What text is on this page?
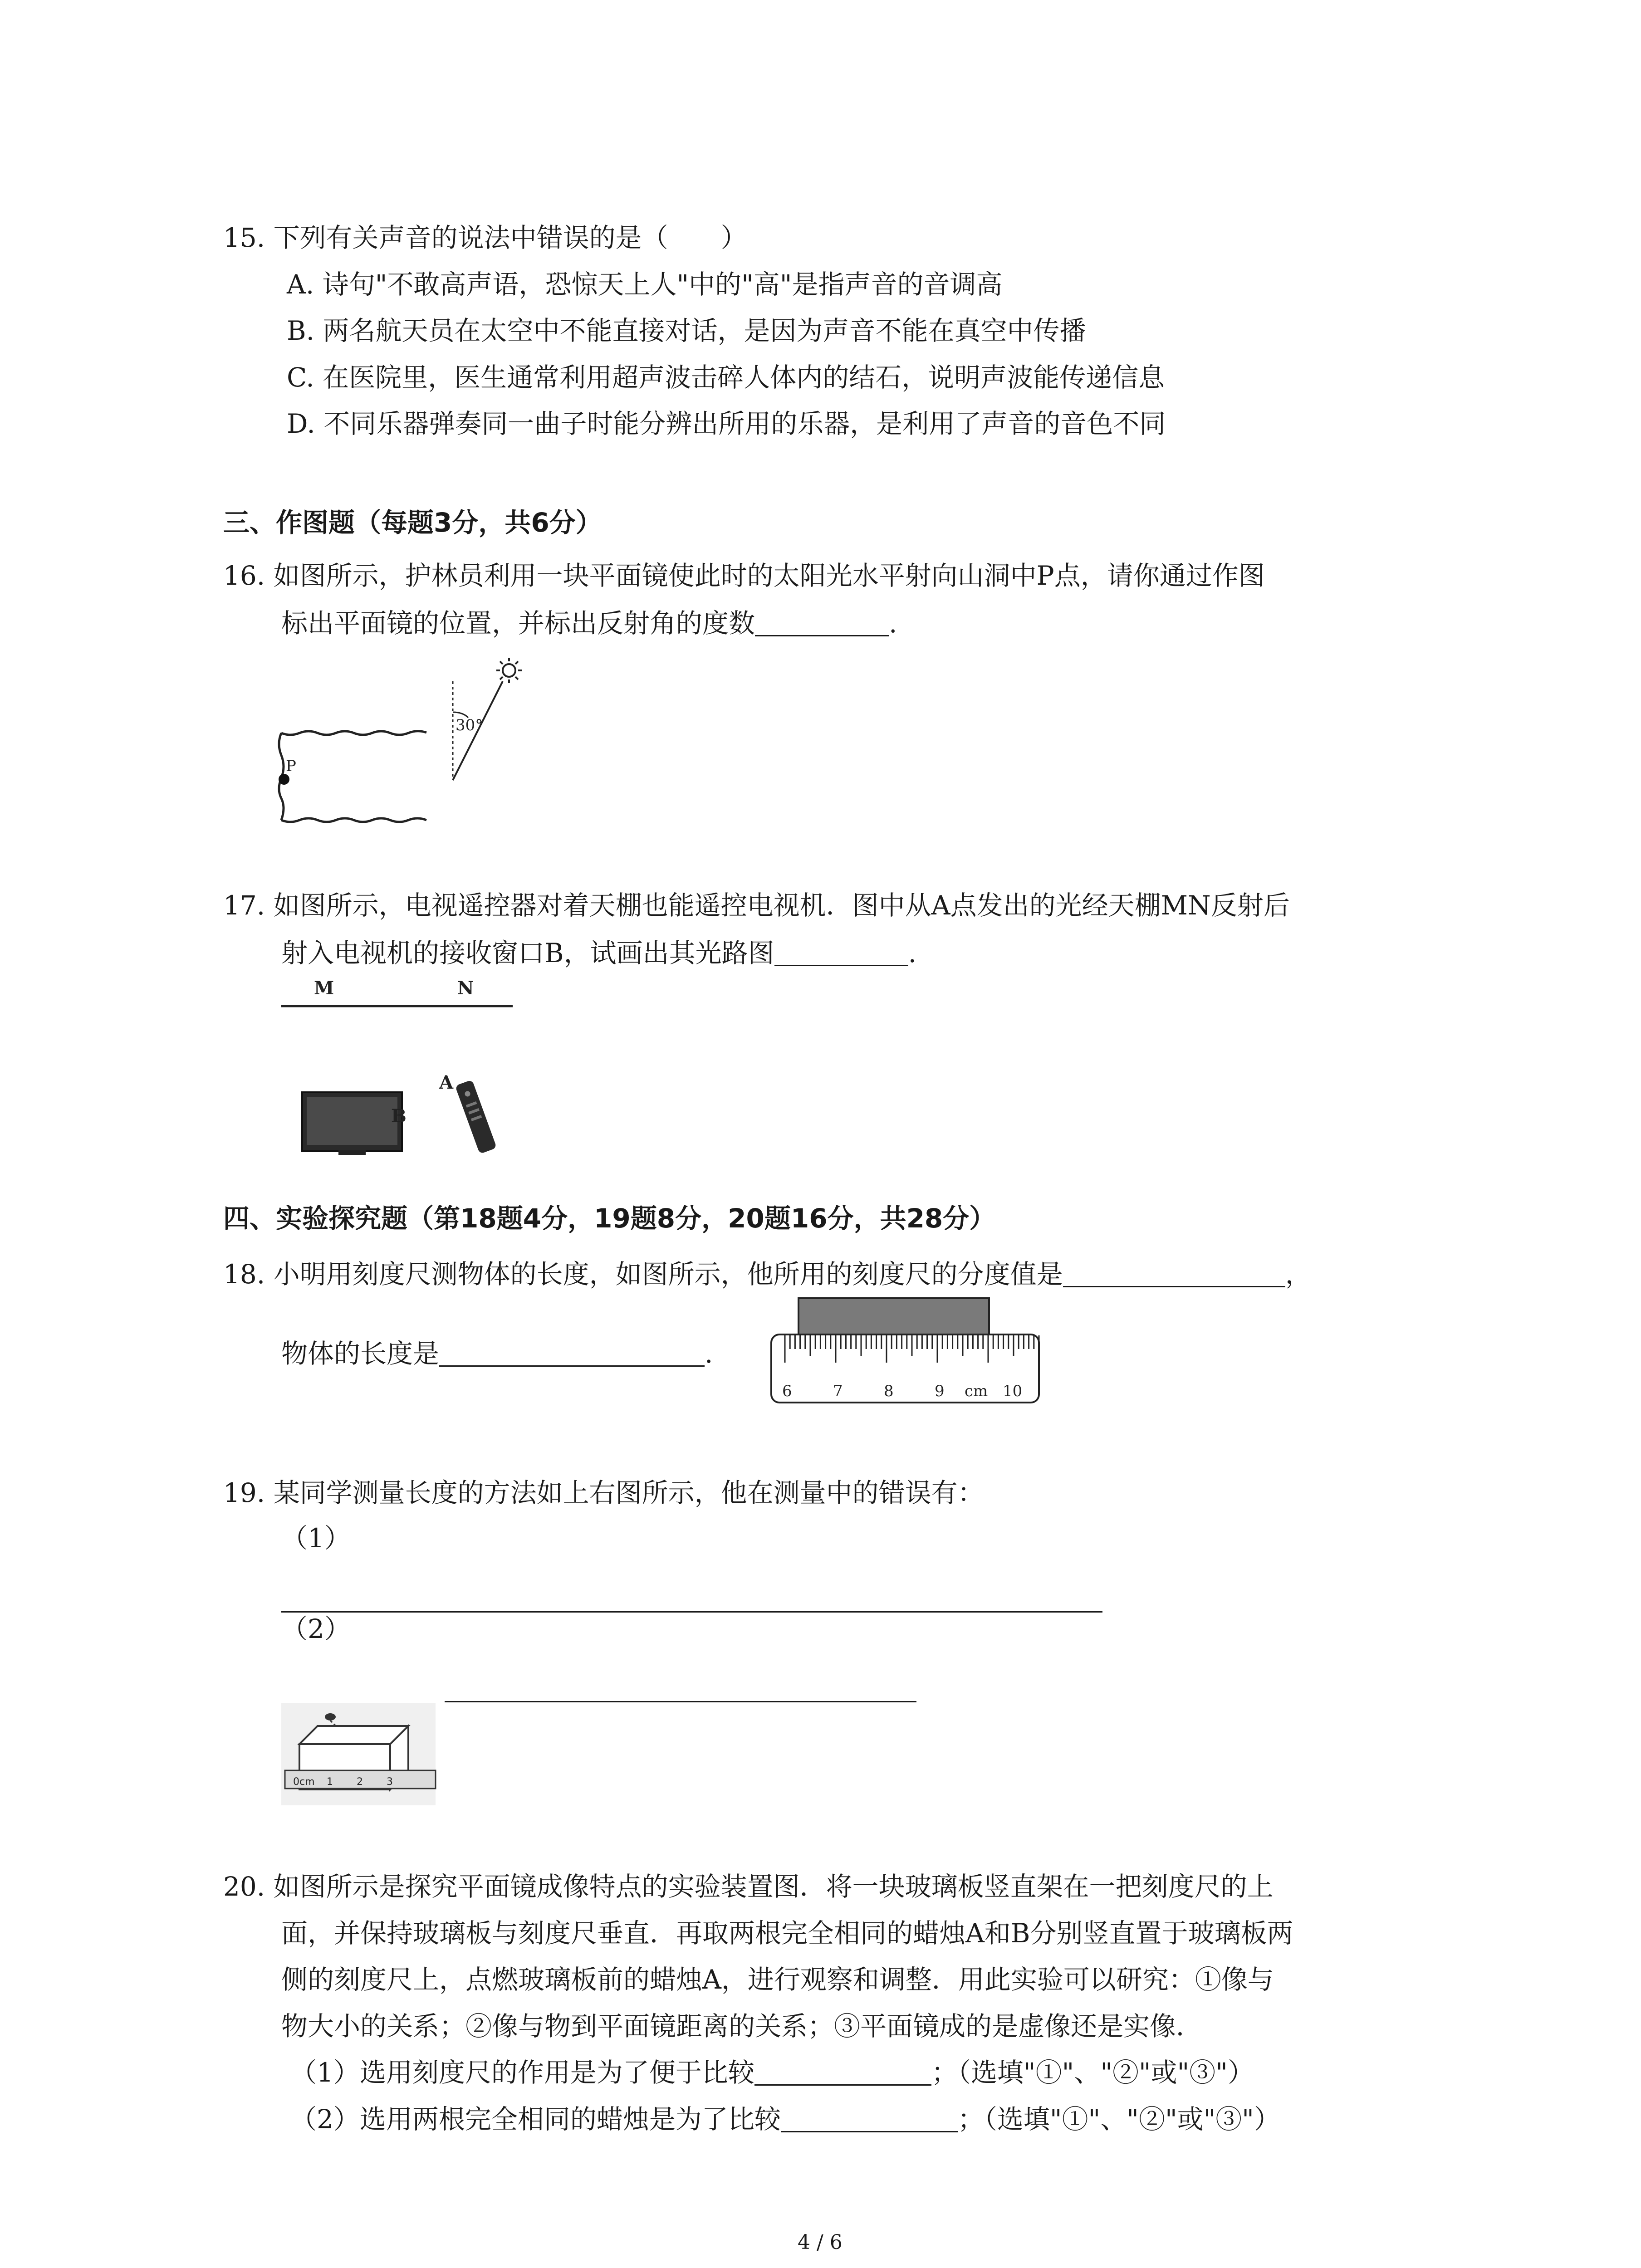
15. 下列有关声音的说法中错误的是（　　）
A. 诗句"不敢高声语，恐惊天上人"中的"高"是指声音的音调高
B. 两名航天员在太空中不能直接对话，是因为声音不能在真空中传播
C. 在医院里，医生通常利用超声波击碎人体内的结石，说明声波能传递信息
D. 不同乐器弹奏同一曲子时能分辨出所用的乐器，是利用了声音的音色不同
三、作图题（每题3分，共6分）
16. 如图所示，护林员利用一块平面镜使此时的太阳光水平射向山洞中P点，请你通过作图
标出平面镜的位置，并标出反射角的度数	.
30°
P
17. 如图所示，电视遥控器对着天棚也能遥控电视机．图中从A点发出的光经天棚MN反射后
射入电视机的接收窗口B，试画出其光路图	.
M	N
B
A
四、实验探究题（第18题4分，19题8分，20题16分，共28分）
18. 小明用刻度尺测物体的长度，如图所示，他所用的刻度尺的分度值是	，
物体的长度是	.
6	7	8	9 cm 10
19. 某同学测量长度的方法如上右图所示，他在测量中的错误有：
（1）
（2）
0cm 1 2 3
20. 如图所示是探究平面镜成像特点的实验装置图．将一块玻璃板竖直架在一把刻度尺的上
面，并保持玻璃板与刻度尺垂直．再取两根完全相同的蜡烛A和B分别竖直置于玻璃板两
侧的刻度尺上，点燃玻璃板前的蜡烛A，进行观察和调整．用此实验可以研究：①像与
物大小的关系；②像与物到平面镜距离的关系；③平面镜成的是虚像还是实像．
（1）选用刻度尺的作用是为了便于比较	；（选填"①"、"②"或"③"）
（2）选用两根完全相同的蜡烛是为了比较	；（选填"①"、"②"或"③"）
4 / 6
